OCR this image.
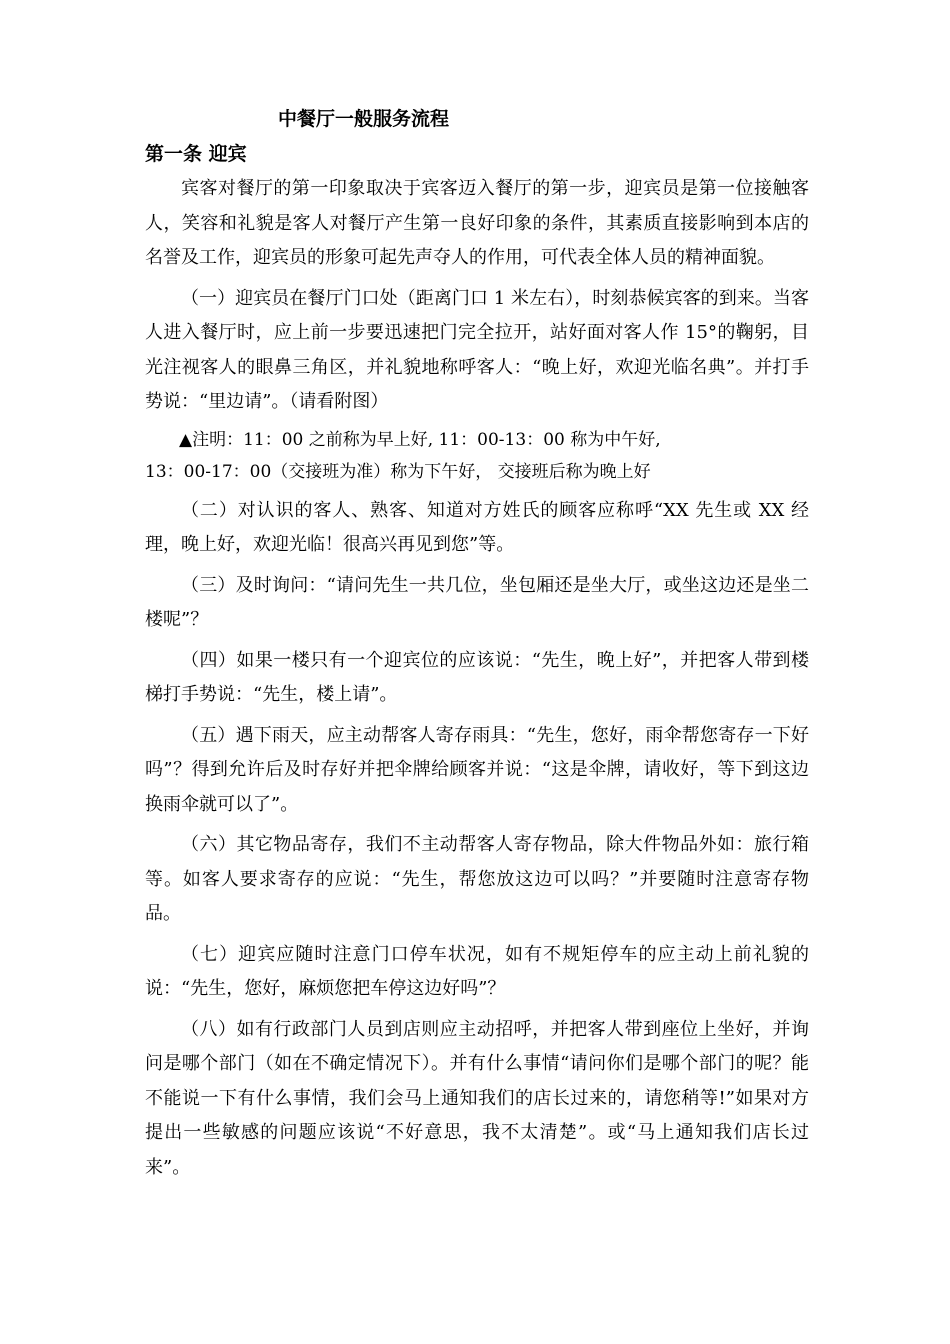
中餐厅一般服务流程
第一条 迎宾

宾客对餐厅的第一印象取决于宾客迈入餐厅的第一步，迎宾员是第一位接触客人，笑容和礼貌是客人对餐厅产生第一良好印象的条件，其素质直接影响到本店的名誉及工作，迎宾员的形象可起先声夺人的作用，可代表全体人员的精神面貌。

（一）迎宾员在餐厅门口处（距离门口 1 米左右），时刻恭候宾客的到来。当客人进入餐厅时，应上前一步要迅速把门完全拉开，站好面对客人作 15°的鞠躬，目光注视客人的眼鼻三角区，并礼貌地称呼客人：“晚上好，欢迎光临名典”。并打手势说：“里边请”。（请看附图）

▲注明：11：00 之前称为早上好, 11：00-13：00 称为中午好,
13：00-17：00（交接班为准）称为下午好， 交接班后称为晚上好

（二）对认识的客人、熟客、知道对方姓氏的顾客应称呼“XX 先生或 XX 经理，晚上好，欢迎光临！很高兴再见到您”等。

（三）及时询问：“请问先生一共几位，坐包厢还是坐大厅，或坐这边还是坐二楼呢”？

（四）如果一楼只有一个迎宾位的应该说：“先生，晚上好”，并把客人带到楼梯打手势说：“先生，楼上请”。

（五）遇下雨天，应主动帮客人寄存雨具：“先生，您好，雨伞帮您寄存一下好吗”？得到允许后及时存好并把伞牌给顾客并说：“这是伞牌，请收好，等下到这边换雨伞就可以了”。

（六）其它物品寄存，我们不主动帮客人寄存物品，除大件物品外如：旅行箱等。如客人要求寄存的应说：“先生，帮您放这边可以吗？”并要随时注意寄存物品。

（七）迎宾应随时注意门口停车状况，如有不规矩停车的应主动上前礼貌的说：“先生，您好，麻烦您把车停这边好吗”？

（八）如有行政部门人员到店则应主动招呼，并把客人带到座位上坐好，并询问是哪个部门（如在不确定情况下）。并有什么事情“请问你们是哪个部门的呢？能不能说一下有什么事情，我们会马上通知我们的店长过来的，请您稍等!”如果对方提出一些敏感的问题应该说“不好意思，我不太清楚”。或“马上通知我们店长过来”。
